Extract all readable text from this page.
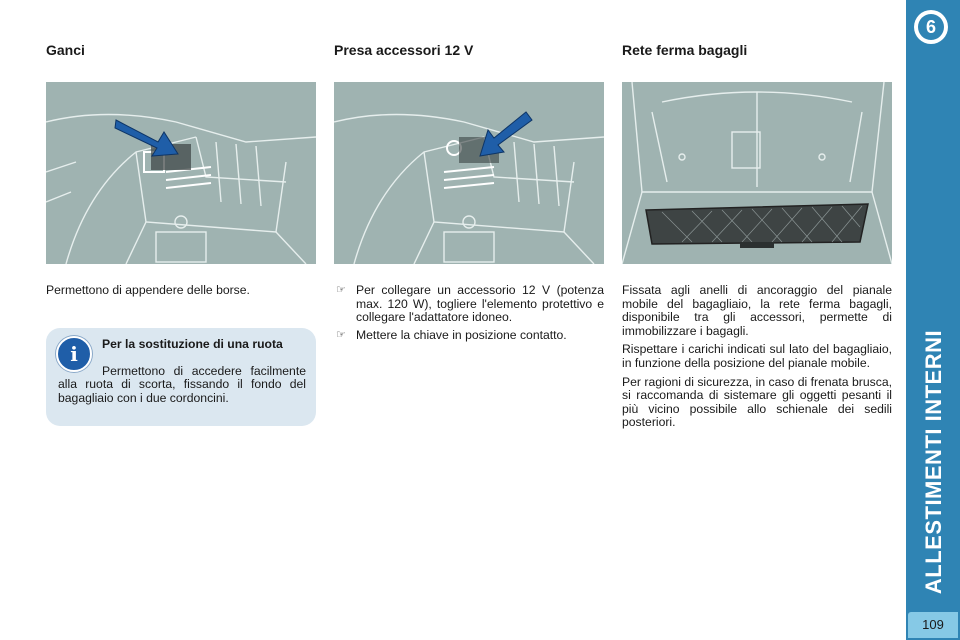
Ganci

Permettono di appendere delle borse.

i	Per la sostituzione di una ruota

Permettono di accedere facilmente alla ruota di scorta, fissando il fondo del bagagliaio con i due cordoncini.

Presa accessori 12 V

☞ Per collegare un accessorio 12 V (potenza max. 120 W), togliere l'elemento protettivo e collegare l'adattatore idoneo.

☞ Mettere la chiave in posizione contatto.

Rete ferma bagagli

Fissata agli anelli di ancoraggio del pianale mobile del bagagliaio, la rete ferma bagagli, disponibile tra gli accessori, permette di immobilizzare i bagagli.

Rispettare i carichi indicati sul lato del bagagliaio, in funzione della posizione del pianale mobile.

Per ragioni di sicurezza, in caso di frenata brusca, si raccomanda di sistemare gli oggetti pesanti il più vicino possibile allo schienale dei sedili posteriori.

6
ALLESTIMENTI INTERNI
109
